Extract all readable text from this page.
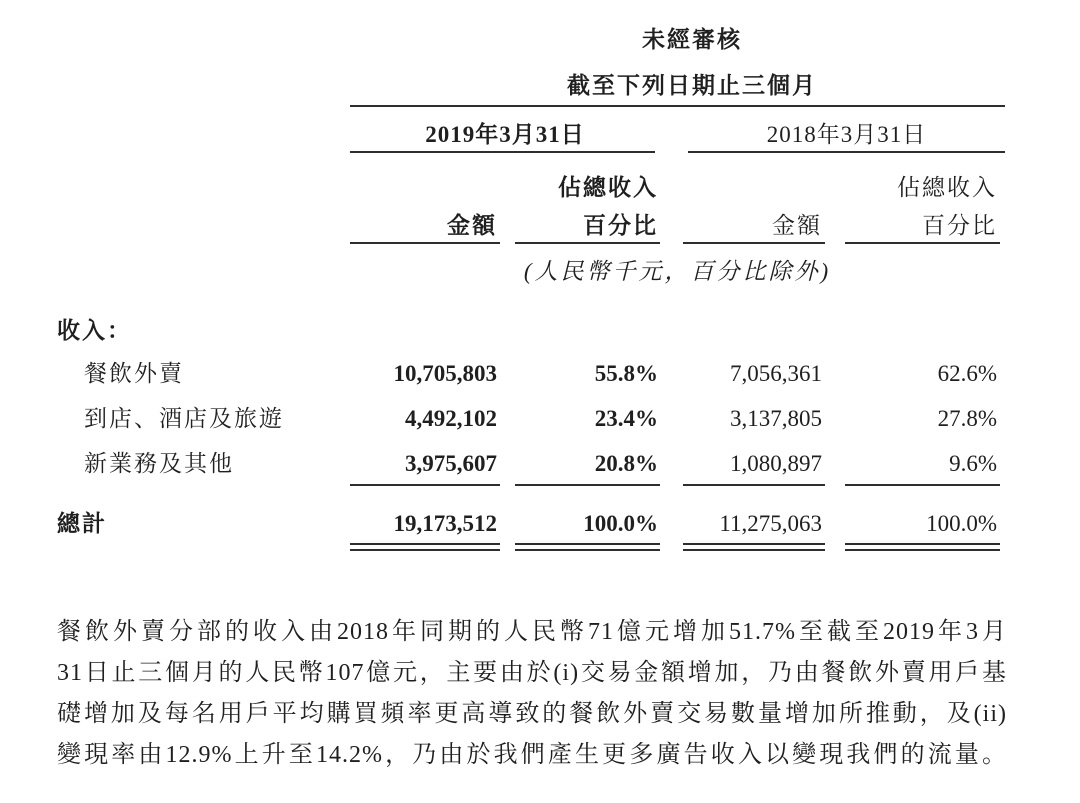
未經審核
截至下列日期止三個月
2019年3月31日	2018年3月31日
佔總收入	佔總收入
金額	百分比	金額	百分比
(人民幣千元，百分比除外)
收入：
餐飲外賣	10,705,803	55.8%	7,056,361	62.6%
到店、酒店及旅遊	4,492,102	23.4%	3,137,805	27.8%
新業務及其他	3,975,607	20.8%	1,080,897	9.6%
總計	19,173,512	100.0%	11,275,063	100.0%
餐飲外賣分部的收入由2018年同期的人民幣71億元增加51.7%至截至2019年3月
31日止三個月的人民幣107億元，主要由於(i)交易金額增加，乃由餐飲外賣用戶基
礎增加及每名用戶平均購買頻率更高導致的餐飲外賣交易數量增加所推動，及(ii)
變現率由12.9%上升至14.2%，乃由於我們產生更多廣告收入以變現我們的流量。
